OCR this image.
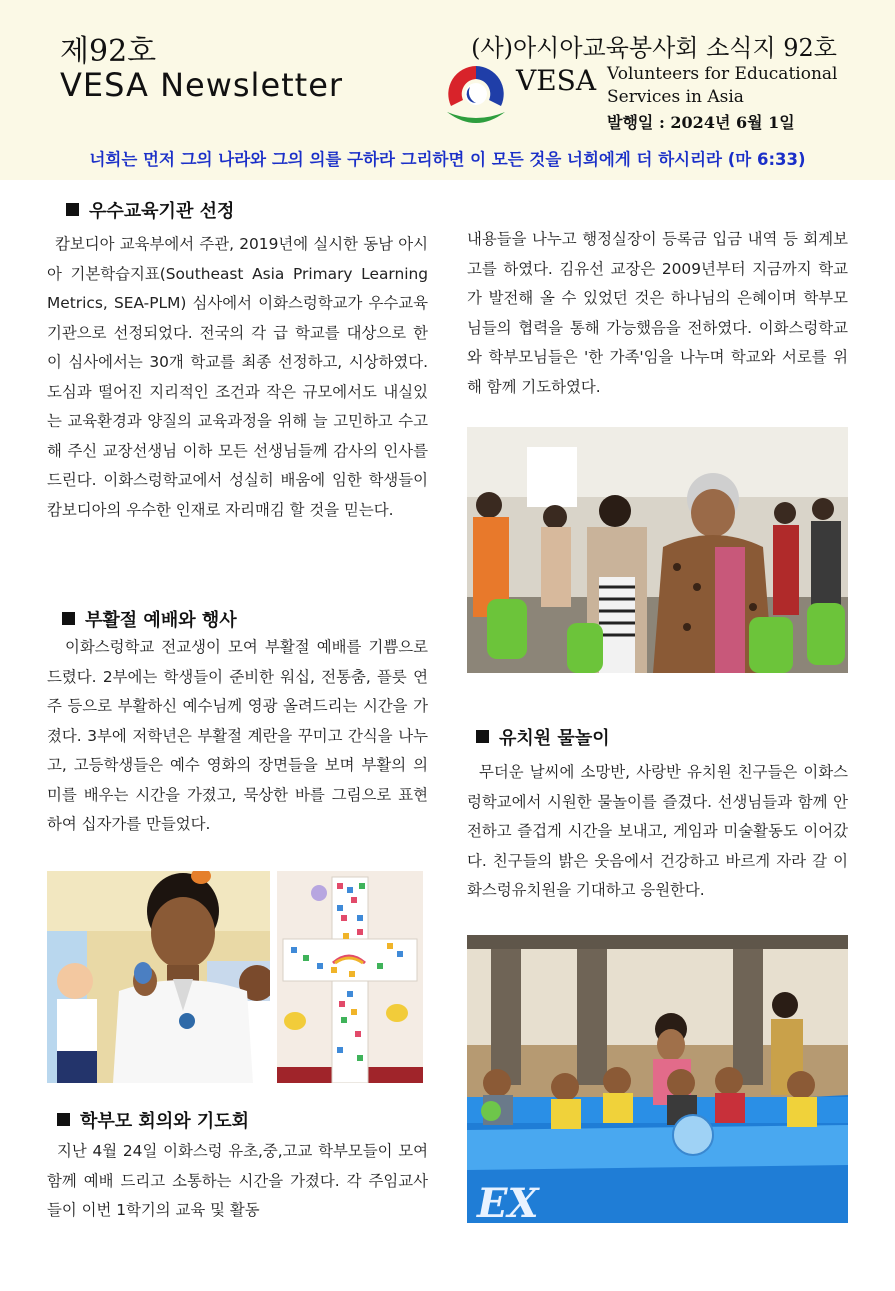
제92호
VESA Newsletter
(사)아시아교육봉사회 소식지 92호
VESA Volunteers for Educational
Services in Asia
발행일 : 2024년 6월 1일
너희는 먼저 그의 나라와 그의 의를 구하라 그리하면 이 모든 것을 너희에게 더 하시리라 (마 6:33)
우수교육기관 선정
캄보디아 교육부에서 주관, 2019년에 실시한 동남 아시아 기본학습지표(Southeast Asia Primary Learning Metrics, SEA-PLM) 심사에서 이화스렁학교가 우수교육기관으로 선정되었다. 전국의 각 급 학교를 대상으로 한 이 심사에서는 30개 학교를 최종 선정하고, 시상하였다. 도심과 떨어진 지리적인 조건과 작은 규모에서도 내실있는 교육환경과 양질의 교육과정을 위해 늘 고민하고 수고해 주신 교장선생님 이하 모든 선생님들께 감사의 인사를 드린다. 이화스렁학교에서 성실히 배움에 임한 학생들이 캄보디아의 우수한 인재로 자리매김 할 것을 믿는다.
부활절 예배와 행사
이화스렁학교 전교생이 모여 부활절 예배를 기쁨으로 드렸다. 2부에는 학생들이 준비한 워십, 전통춤, 플릇 연주 등으로 부활하신 예수님께 영광 올려드리는 시간을 가졌다. 3부에 저학년은 부활절 계란을 꾸미고 간식을 나누고, 고등학생들은 예수 영화의 장면들을 보며 부활의 의미를 배우는 시간을 가졌고, 묵상한 바를 그림으로 표현하여 십자가를 만들었다.
학부모 회의와 기도회
지난 4월 24일 이화스렁 유초,중,고교 학부모들이 모여 함께 예배 드리고 소통하는 시간을 가졌다. 각 주임교사들이 이번 1학기의 교육 및 활동
내용들을 나누고 행정실장이 등록금 입금 내역 등 회계보고를 하였다. 김유선 교장은 2009년부터 지금까지 학교가 발전해 올 수 있었던 것은 하나님의 은혜이며 학부모님들의 협력을 통해 가능했음을 전하였다. 이화스렁학교와 학부모님들은 '한 가족'임을 나누며 학교와 서로를 위해 함께 기도하였다.
유치원 물놀이
무더운 날씨에 소망반, 사랑반 유치원 친구들은 이화스렁학교에서 시원한 물놀이를 즐겼다. 선생님들과 함께 안전하고 즐겁게 시간을 보내고, 게임과 미술활동도 이어갔다. 친구들의 밝은 웃음에서 건강하고 바르게 자라 갈 이화스렁유치원을 기대하고 응원한다.
EX
